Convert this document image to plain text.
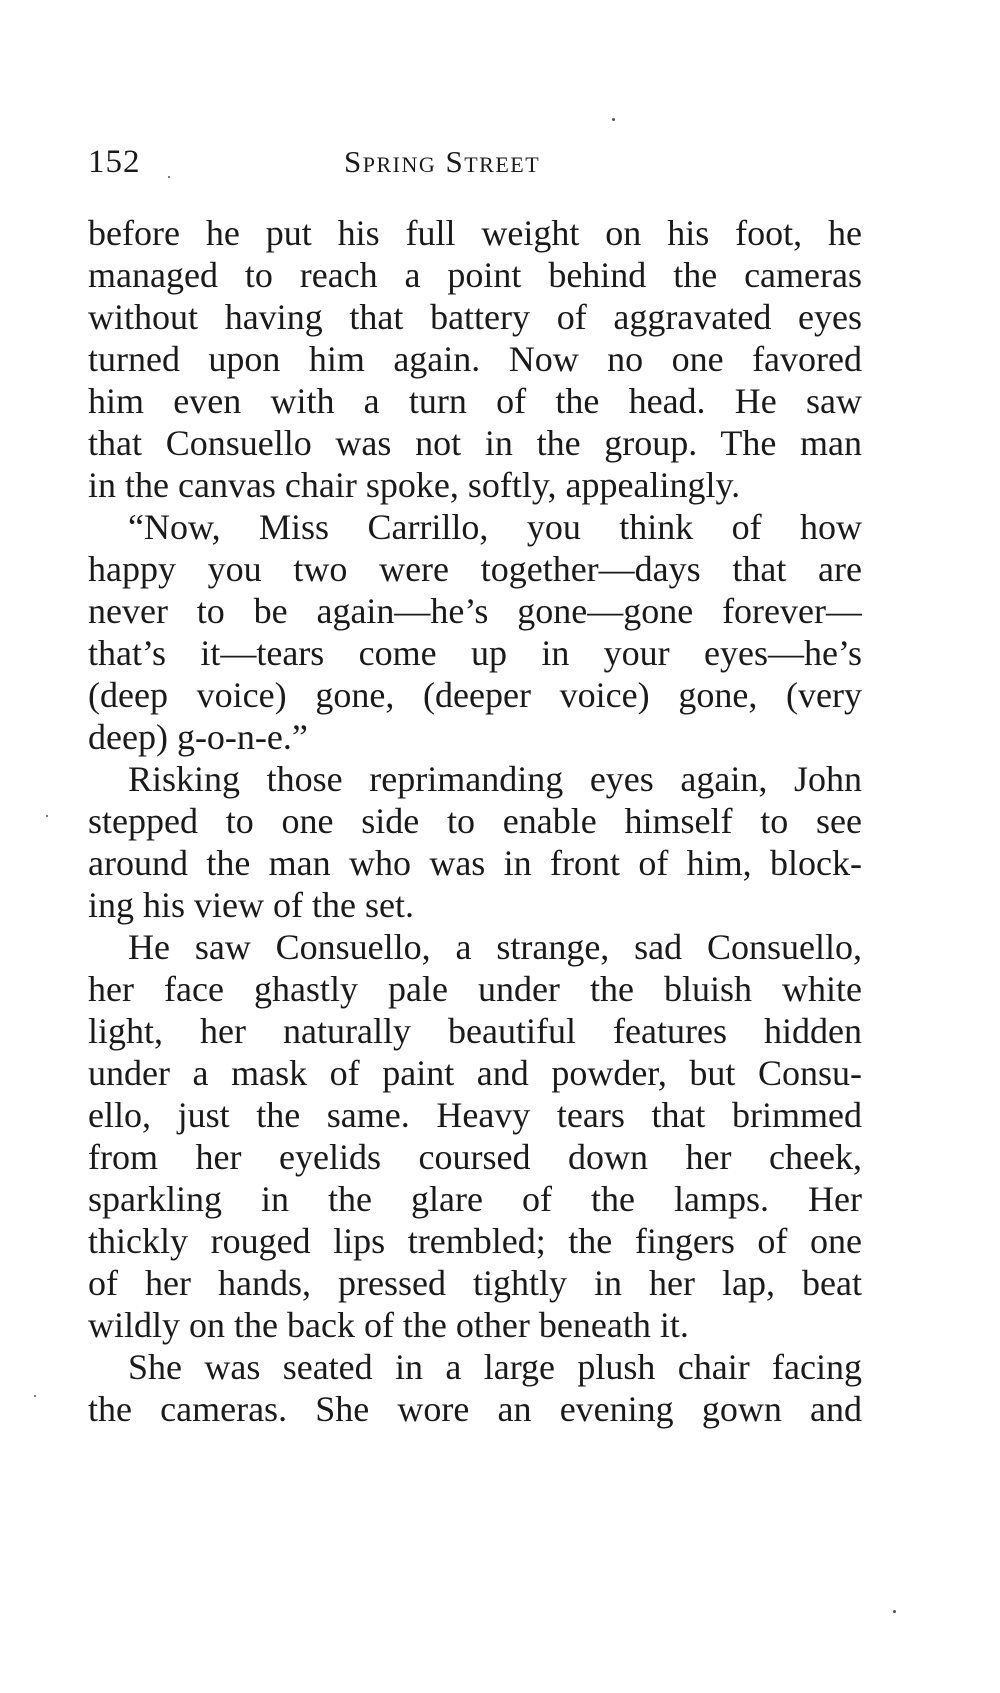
152	Spring Street
before he put his full weight on his foot, he
managed to reach a point behind the cameras
without having that battery of aggravated eyes
turned upon him again. Now no one favored
him even with a turn of the head. He saw
that Consuello was not in the group. The man
in the canvas chair spoke, softly, appealingly.
“Now, Miss Carrillo, you think of how
happy you two were together—days that are
never to be again—he’s gone—gone forever—
that’s it—tears come up in your eyes—he’s
(deep voice) gone, (deeper voice) gone, (very
deep) g-o-n-e.”
Risking those reprimanding eyes again, John
stepped to one side to enable himself to see
around the man who was in front of him, block-
ing his view of the set.
He saw Consuello, a strange, sad Consuello,
her face ghastly pale under the bluish white
light, her naturally beautiful features hidden
under a mask of paint and powder, but Consu-
ello, just the same. Heavy tears that brimmed
from her eyelids coursed down her cheek,
sparkling in the glare of the lamps. Her
thickly rouged lips trembled; the fingers of one
of her hands, pressed tightly in her lap, beat
wildly on the back of the other beneath it.
She was seated in a large plush chair facing
the cameras. She wore an evening gown and
